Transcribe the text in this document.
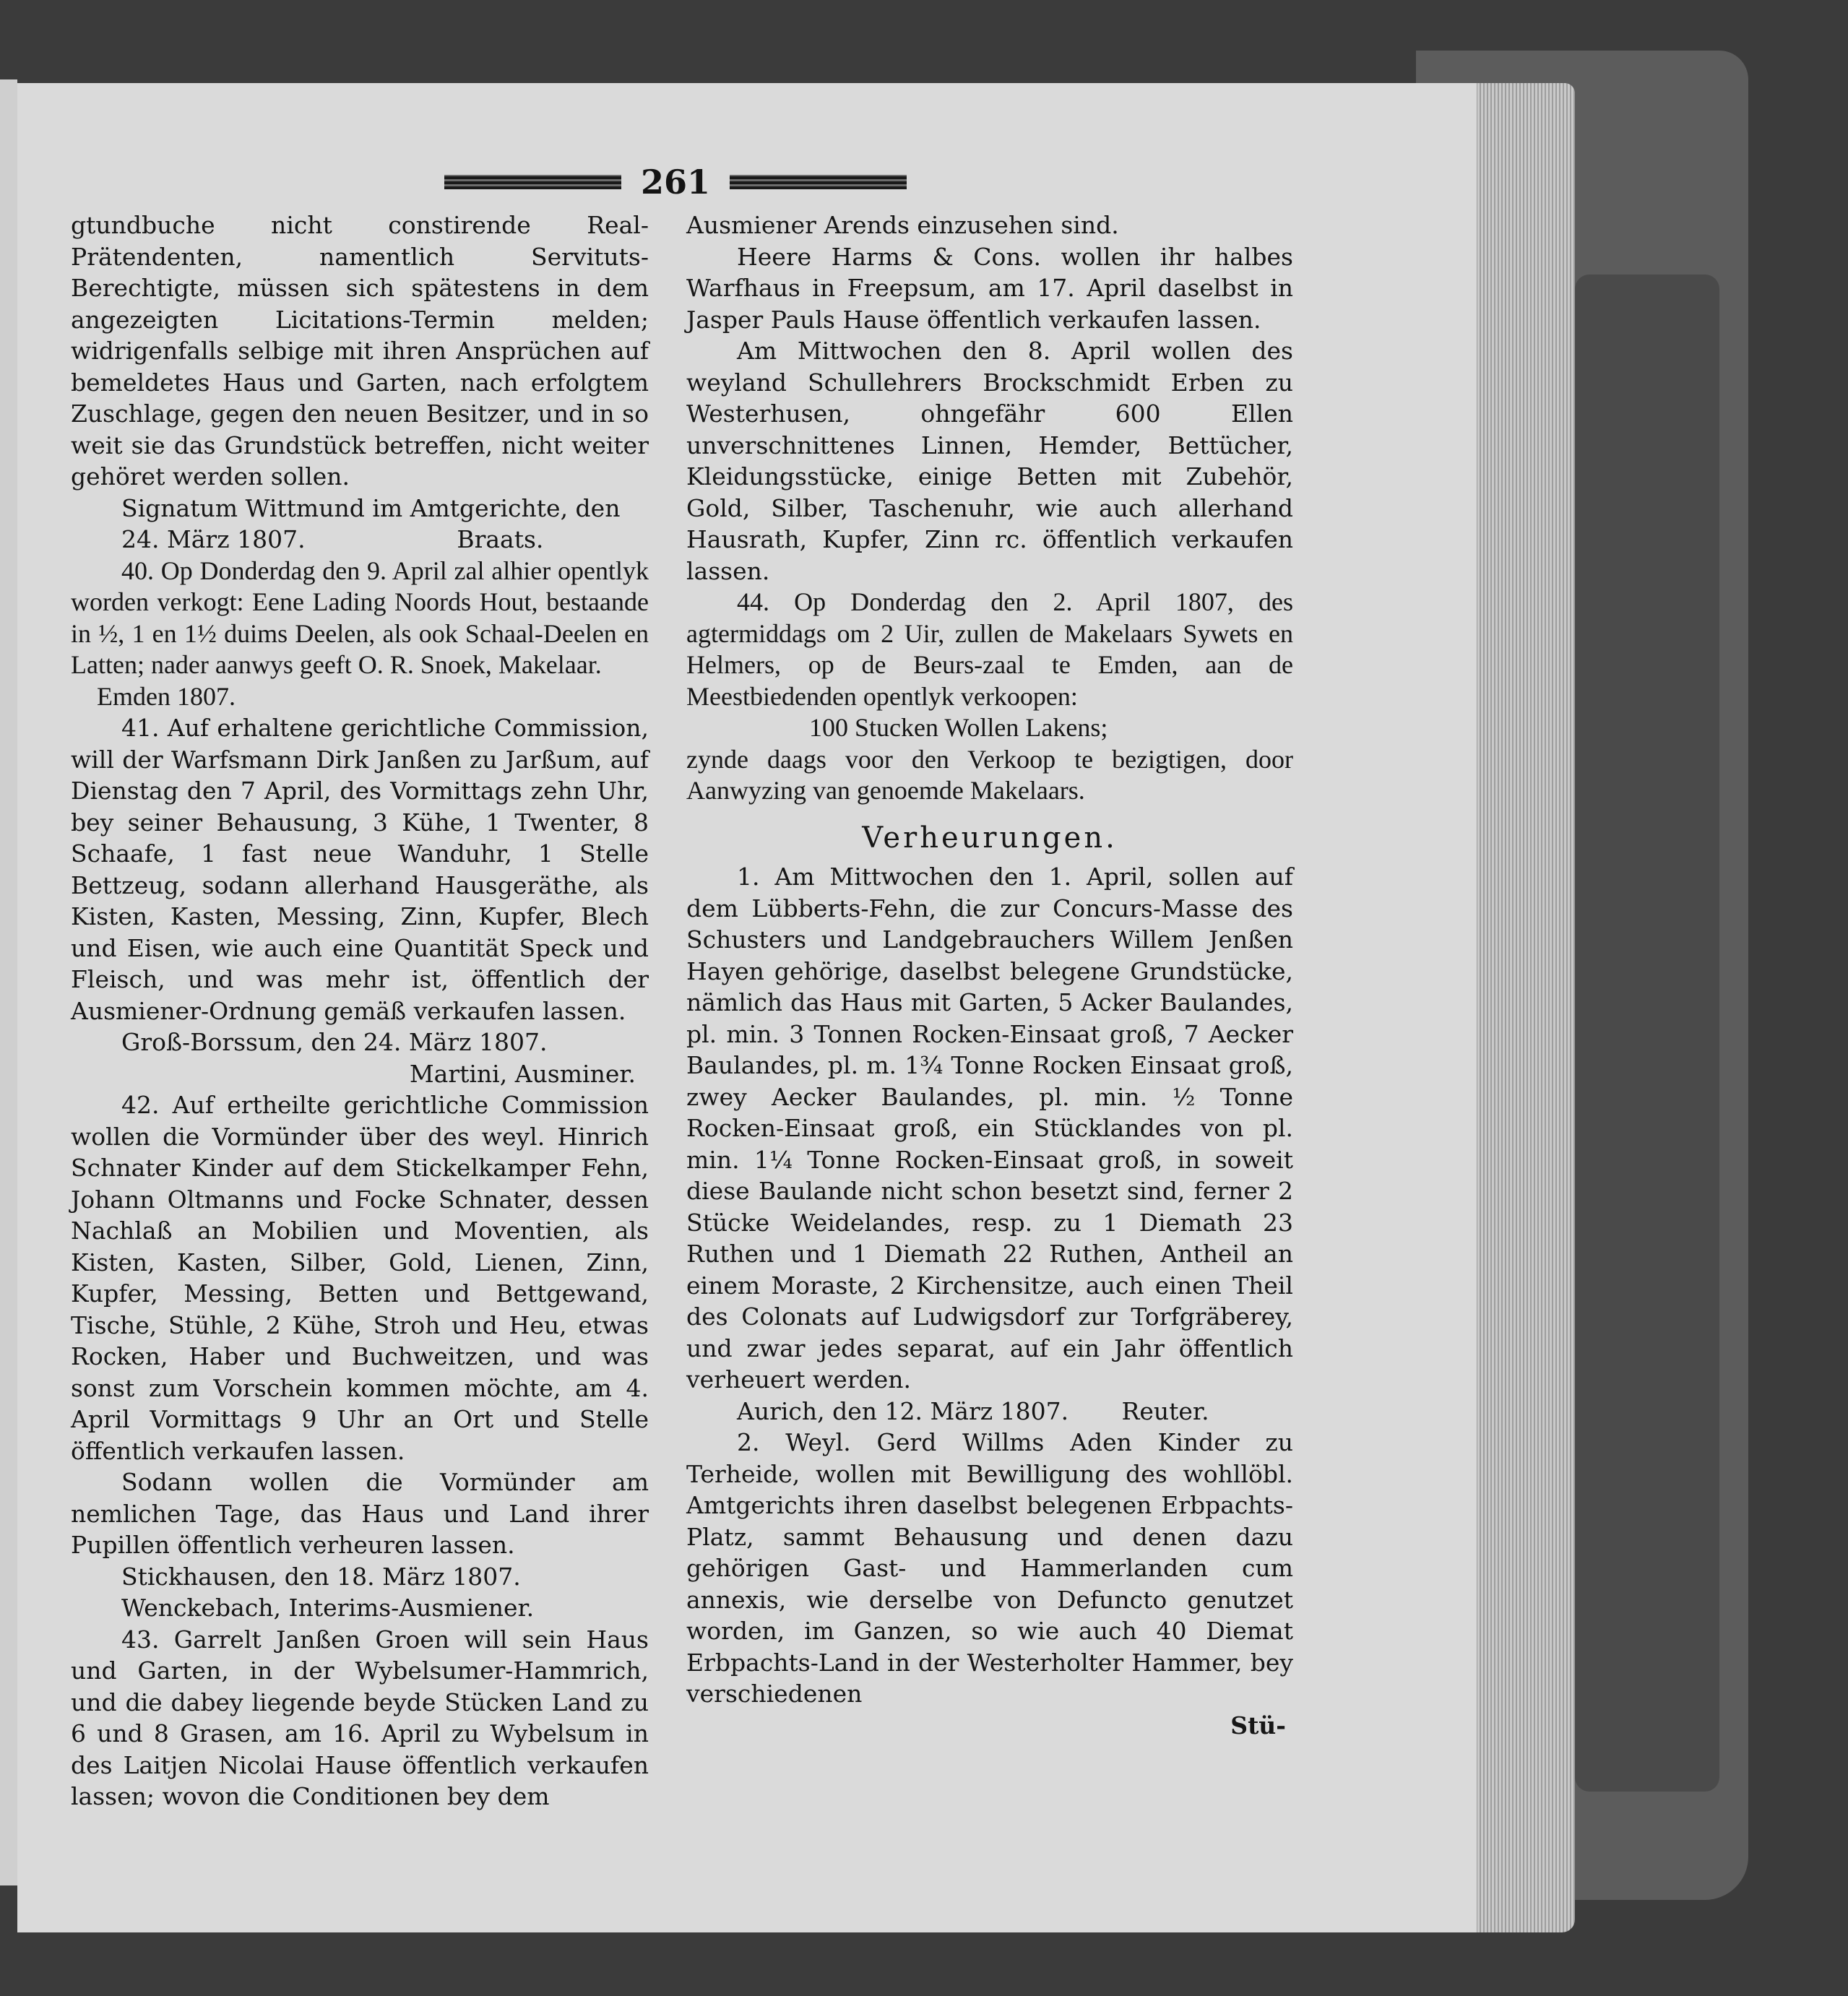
261

gtundbuche nicht constirende Real-Prätendenten, namentlich Servituts-Berechtigte, müssen sich spätestens in dem angezeigten Licitations-Termin melden; widrigenfalls selbige mit ihren Ansprüchen auf bemeldetes Haus und Garten, nach erfolgtem Zuschlage, gegen den neuen Besitzer, und in so weit sie das Grundstück betreffen, nicht weiter gehöret werden sollen.

Signatum Wittmund im Amtgerichte, den

24. März 1807.                    Braats.

40. Op Donderdag den 9. April zal alhier opentlyk worden verkogt: Eene Lading Noords Hout, bestaande in ½, 1 en 1½ duims Deelen, als ook Schaal-Deelen en Latten; nader aanwys geeft O. R. Snoek, Makelaar.

Emden 1807.

41. Auf erhaltene gerichtliche Commission, will der Warfsmann Dirk Janßen zu Jarßum, auf Dienstag den 7 April, des Vormittags zehn Uhr, bey seiner Behausung, 3 Kühe, 1 Twenter, 8 Schaafe, 1 fast neue Wanduhr, 1 Stelle Bettzeug, sodann allerhand Hausgeräthe, als Kisten, Kasten, Messing, Zinn, Kupfer, Blech und Eisen, wie auch eine Quantität Speck und Fleisch, und was mehr ist, öffentlich der Ausmiener-Ordnung gemäß verkaufen lassen.

Groß-Borssum, den 24. März 1807.

Martini, Ausminer.

42. Auf ertheilte gerichtliche Commission wollen die Vormünder über des weyl. Hinrich Schnater Kinder auf dem Stickelkamper Fehn, Johann Oltmanns und Focke Schnater, dessen Nachlaß an Mobilien und Moventien, als Kisten, Kasten, Silber, Gold, Lienen, Zinn, Kupfer, Messing, Betten und Bettgewand, Tische, Stühle, 2 Kühe, Stroh und Heu, etwas Rocken, Haber und Buchweitzen, und was sonst zum Vorschein kommen möchte, am 4. April Vormittags 9 Uhr an Ort und Stelle öffentlich verkaufen lassen.

Sodann wollen die Vormünder am nemlichen Tage, das Haus und Land ihrer Pupillen öffentlich verheuren lassen.

Stickhausen, den 18. März 1807.

Wenckebach, Interims-Ausmiener.

43. Garrelt Janßen Groen will sein Haus und Garten, in der Wybelsumer-Hammrich, und die dabey liegende beyde Stücken Land zu 6 und 8 Grasen, am 16. April zu Wybelsum in des Laitjen Nicolai Hause öffentlich verkaufen lassen; wovon die Conditionen bey dem

Ausmiener Arends einzusehen sind.

Heere Harms & Cons. wollen ihr halbes Warfhaus in Freepsum, am 17. April daselbst in Jasper Pauls Hause öffentlich verkaufen lassen.

Am Mittwochen den 8. April wollen des weyland Schullehrers Brockschmidt Erben zu Westerhusen, ohngefähr 600 Ellen unverschnittenes Linnen, Hemder, Bettücher, Kleidungsstücke, einige Betten mit Zubehör, Gold, Silber, Taschenuhr, wie auch allerhand Hausrath, Kupfer, Zinn rc. öffentlich verkaufen lassen.

44. Op Donderdag den 2. April 1807, des agtermiddags om 2 Uir, zullen de Makelaars Sywets en Helmers, op de Beurs-zaal te Emden, aan de Meestbiedenden opentlyk verkoopen:

100 Stucken Wollen Lakens;

zynde daags voor den Verkoop te bezigtigen, door Aanwyzing van genoemde Makelaars.

Verheurungen.

1. Am Mittwochen den 1. April, sollen auf dem Lübberts-Fehn, die zur Concurs-Masse des Schusters und Landgebrauchers Willem Jenßen Hayen gehörige, daselbst belegene Grundstücke, nämlich das Haus mit Garten, 5 Acker Baulandes, pl. min. 3 Tonnen Rocken-Einsaat groß, 7 Aecker Baulandes, pl. m. 1¾ Tonne Rocken Einsaat groß, zwey Aecker Baulandes, pl. min. ½ Tonne Rocken-Einsaat groß, ein Stücklandes von pl. min. 1¼ Tonne Rocken-Einsaat groß, in soweit diese Baulande nicht schon besetzt sind, ferner 2 Stücke Weidelandes, resp. zu 1 Diemath 23 Ruthen und 1 Diemath 22 Ruthen, Antheil an einem Moraste, 2 Kirchensitze, auch einen Theil des Colonats auf Ludwigsdorf zur Torfgräberey, und zwar jedes separat, auf ein Jahr öffentlich verheuert werden.

Aurich, den 12. März 1807.       Reuter.

2. Weyl. Gerd Willms Aden Kinder zu Terheide, wollen mit Bewilligung des wohllöbl. Amtgerichts ihren daselbst belegenen Erbpachts-Platz, sammt Behausung und denen dazu gehörigen Gast- und Hammerlanden cum annexis, wie derselbe von Defuncto genutzet worden, im Ganzen, so wie auch 40 Diemat Erbpachts-Land in der Westerholter Hammer, bey verschiedenen

Stü-
